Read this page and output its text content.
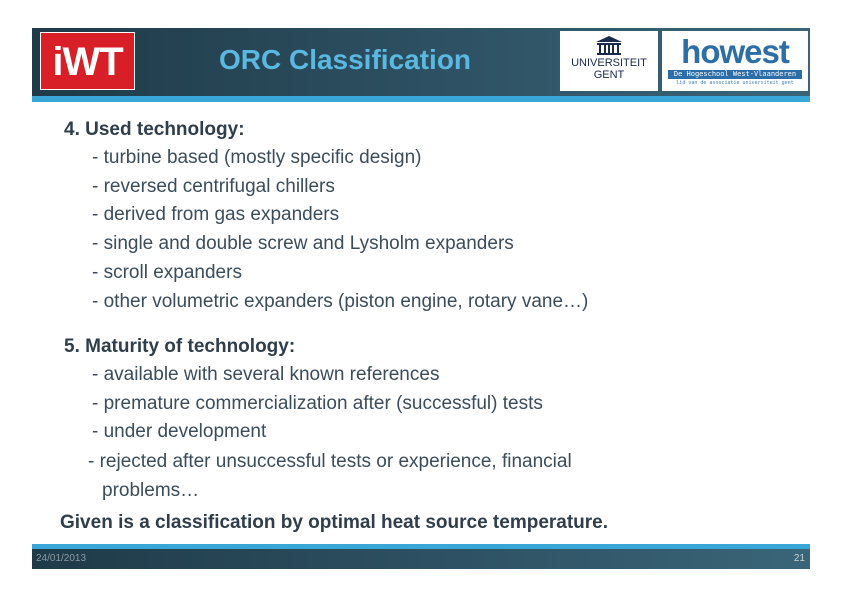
iWT	ORC Classification	UNIVERSITEIT
GENT
howest
De Hogeschool West-Vlaanderen
lid van de associatie universiteit gent
4. Used technology:
- turbine based (mostly specific design)
- reversed centrifugal chillers
- derived from gas expanders
- single and double screw and Lysholm expanders
- scroll expanders
- other volumetric expanders (piston engine, rotary vane…)
5. Maturity of technology:
- available with several known references
- premature commercialization after (successful) tests
- under development
- rejected after unsuccessful tests or experience, financial
problems…
Given is a classification by optimal heat source temperature.
24/01/2013	21
